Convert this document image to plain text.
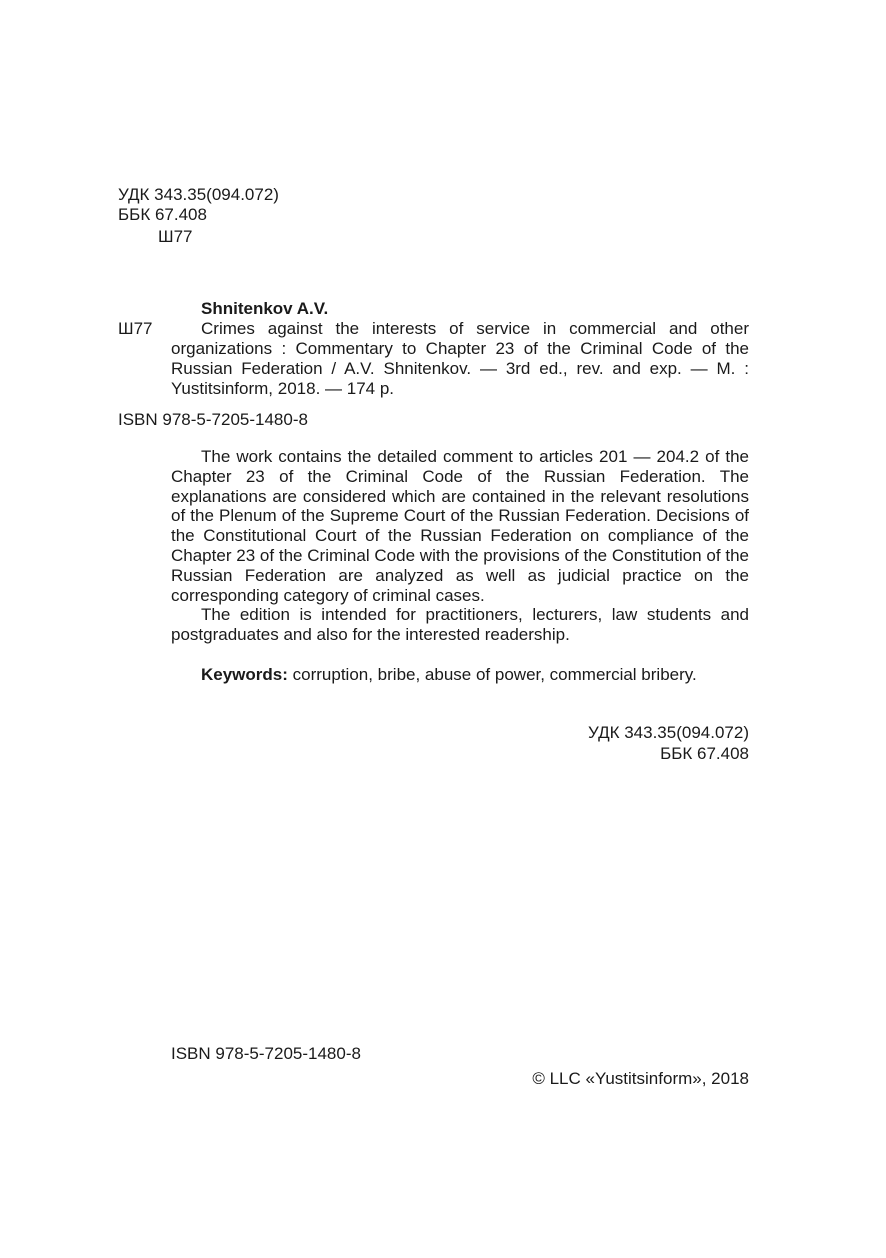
УДК 343.35(094.072)
ББК 67.408
Ш77
Shnitenkov A.V.
Ш77	Crimes against the interests of service in commercial and other organizations : Commentary to Chapter 23 of the Criminal Code of the Russian Federation / A.V. Shnitenkov. — 3rd ed., rev. and exp. — M. : Yustitsinform, 2018. — 174 p.
ISBN 978-5-7205-1480-8

The work contains the detailed comment to articles 201 — 204.2 of the Chapter 23 of the Criminal Code of the Russian Federation. The explanations are considered which are contained in the relevant resolutions of the Plenum of the Supreme Court of the Russian Federation. Decisions of the Constitutional Court of the Russian Federation on compliance of the Chapter 23 of the Criminal Code with the provisions of the Constitution of the Russian Federation are analyzed as well as judicial practice on the corresponding category of criminal cases.

The edition is intended for practitioners, lecturers, law students and postgraduates and also for the interested readership.

Keywords: corruption, bribe, abuse of power, commercial bribery.
УДК 343.35(094.072)
ББК 67.408
ISBN 978-5-7205-1480-8
© LLC «Yustitsinform», 2018
